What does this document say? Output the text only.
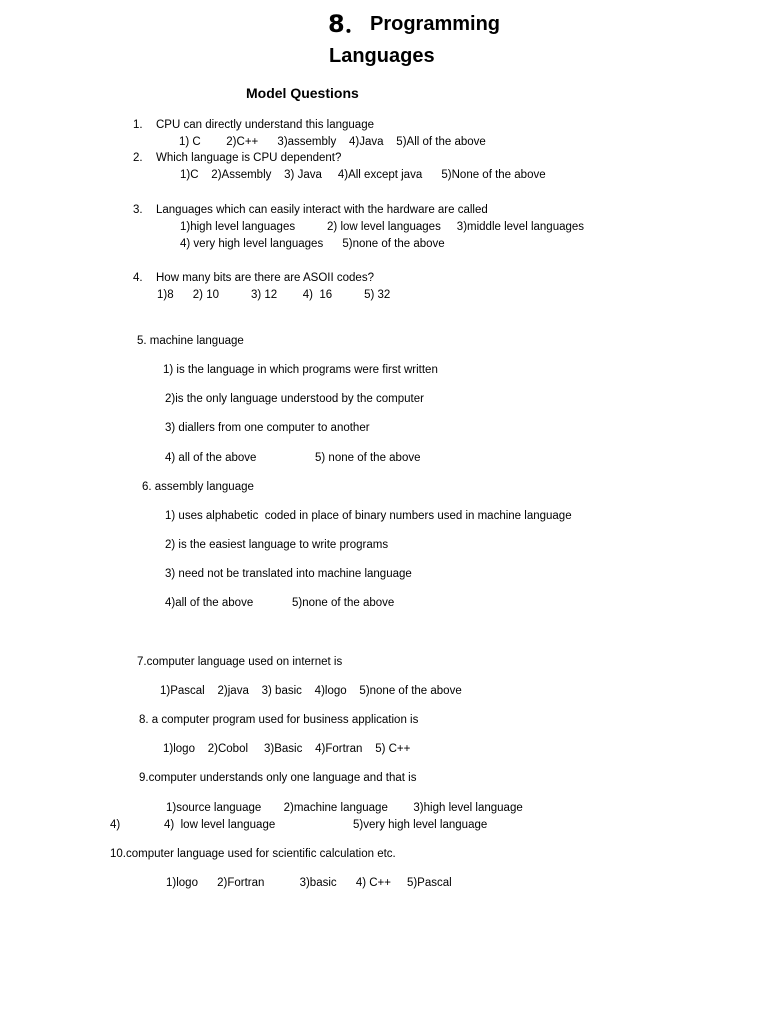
8． Programming
Languages
Model Questions
1. CPU can directly understand this language
1) C        2)C++      3)assembly    4)Java    5)All of the above
2. Which language is CPU dependent?
1)C    2)Assembly    3) Java     4)All except java      5)None of the above
3. Languages which can easily interact with the hardware are called
1)high level languages          2) low level languages     3)middle level languages
4) very high level languages      5)none of the above
4. How many bits are there are ASOII codes?
1)8      2) 10          3) 12        4)  16          5) 32
5. machine language
1) is the language in which programs were first written
2)is the only language understood by the computer
3) diallers from one computer to another
4) all of the above	5) none of the above
6. assembly language
1) uses alphabetic  coded in place of binary numbers used in machine language
2) is the easiest language to write programs
3) need not be translated into machine language
4)all of the above	5)none of the above
7.computer language used on internet is
1)Pascal    2)java    3) basic    4)logo    5)none of the above
8. a computer program used for business application is
1)logo    2)Cobol     3)Basic    4)Fortran    5) C++
9.computer understands only one language and that is
1)source language       2)machine language        3)high level language
4)	4)  low level language	5)very high level language
10.computer language used for scientific calculation etc.
1)logo      2)Fortran           3)basic      4) C++     5)Pascal
